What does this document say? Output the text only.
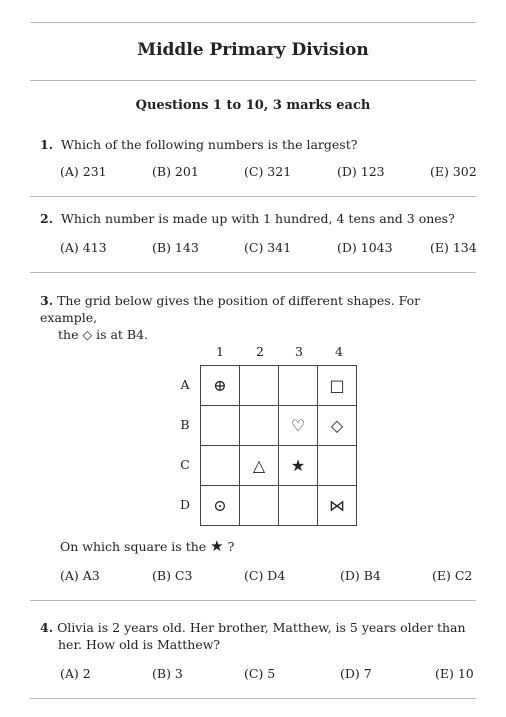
Middle Primary Division
Questions 1 to 10, 3 marks each
1. Which of the following numbers is the largest?
(A) 231	(B) 201	(C) 321	(D) 123	(E) 302
2. Which number is made up with 1 hundred, 4 tens and 3 ones?
(A) 413	(B) 143	(C) 341	(D) 1043	(E) 134
3. The grid below gives the position of different shapes. For example,
the ◇ is at B4.
1	2	3	4
A
B
C
D
⊕			□
		♡	◇
	△	★	
⊙			⋈
On which square is the ★ ?
(A) A3	(B) C3	(C) D4	(D) B4	(E) C2
4. Olivia is 2 years old. Her brother, Matthew, is 5 years older than
her. How old is Matthew?
(A) 2	(B) 3	(C) 5	(D) 7	(E) 10
